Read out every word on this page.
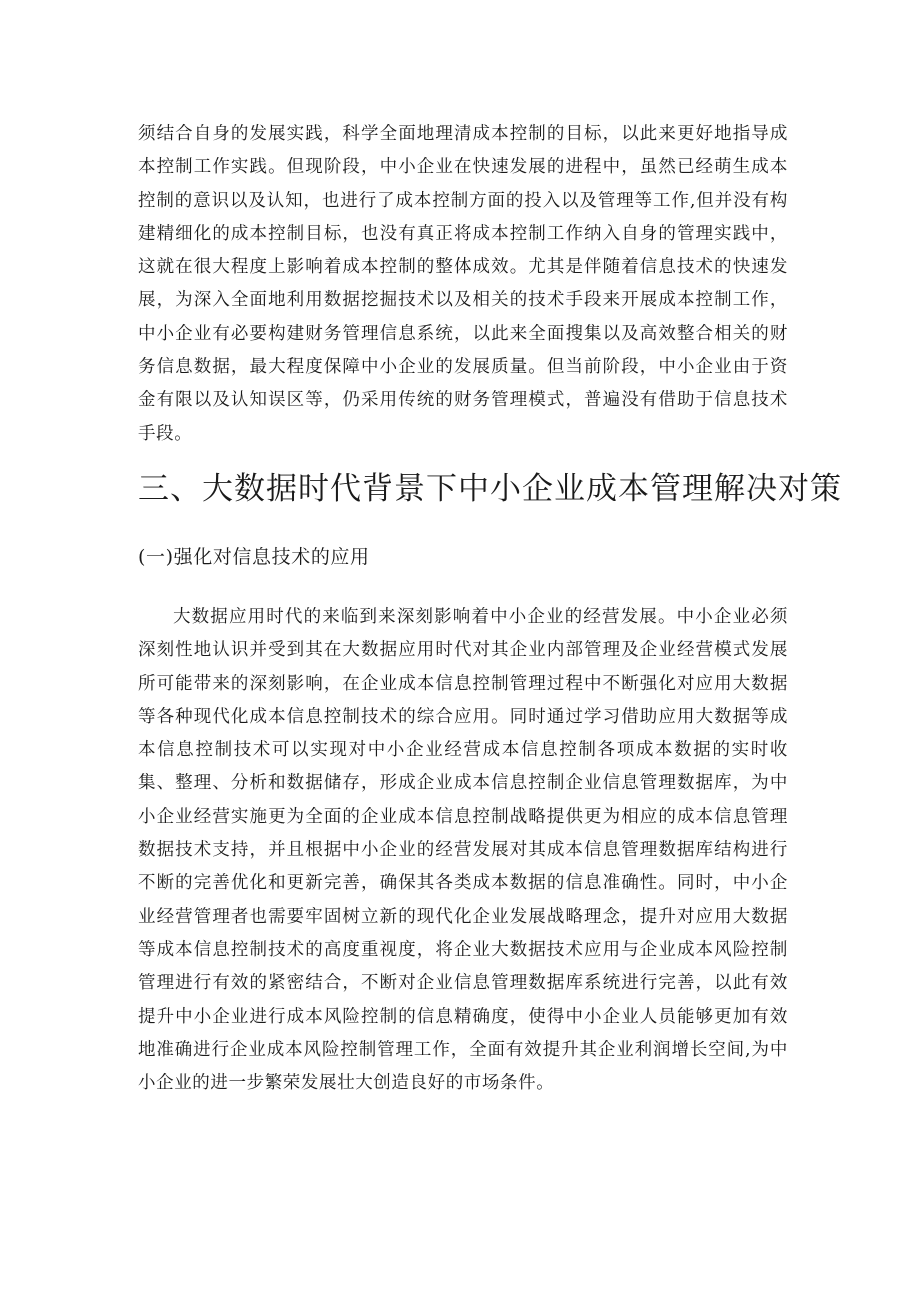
须结合自身的发展实践，科学全面地理清成本控制的目标，以此来更好地指导成本控制工作实践。但现阶段，中小企业在快速发展的进程中，虽然已经萌生成本控制的意识以及认知，也进行了成本控制方面的投入以及管理等工作,但并没有构建精细化的成本控制目标，也没有真正将成本控制工作纳入自身的管理实践中，这就在很大程度上影响着成本控制的整体成效。尤其是伴随着信息技术的快速发展，为深入全面地利用数据挖掘技术以及相关的技术手段来开展成本控制工作，中小企业有必要构建财务管理信息系统，以此来全面搜集以及高效整合相关的财务信息数据，最大程度保障中小企业的发展质量。但当前阶段，中小企业由于资金有限以及认知误区等，仍采用传统的财务管理模式，普遍没有借助于信息技术手段。

三、大数据时代背景下中小企业成本管理解决对策
(一)强化对信息技术的应用

大数据应用时代的来临到来深刻影响着中小企业的经营发展。中小企业必须深刻性地认识并受到其在大数据应用时代对其企业内部管理及企业经营模式发展所可能带来的深刻影响，在企业成本信息控制管理过程中不断强化对应用大数据等各种现代化成本信息控制技术的综合应用。同时通过学习借助应用大数据等成本信息控制技术可以实现对中小企业经营成本信息控制各项成本数据的实时收集、整理、分析和数据储存，形成企业成本信息控制企业信息管理数据库，为中小企业经营实施更为全面的企业成本信息控制战略提供更为相应的成本信息管理数据技术支持，并且根据中小企业的经营发展对其成本信息管理数据库结构进行不断的完善优化和更新完善，确保其各类成本数据的信息准确性。同时，中小企业经营管理者也需要牢固树立新的现代化企业发展战略理念，提升对应用大数据等成本信息控制技术的高度重视度，将企业大数据技术应用与企业成本风险控制管理进行有效的紧密结合，不断对企业信息管理数据库系统进行完善，以此有效提升中小企业进行成本风险控制的信息精确度，使得中小企业人员能够更加有效地准确进行企业成本风险控制管理工作，全面有效提升其企业利润增长空间,为中小企业的进一步繁荣发展壮大创造良好的市场条件。
